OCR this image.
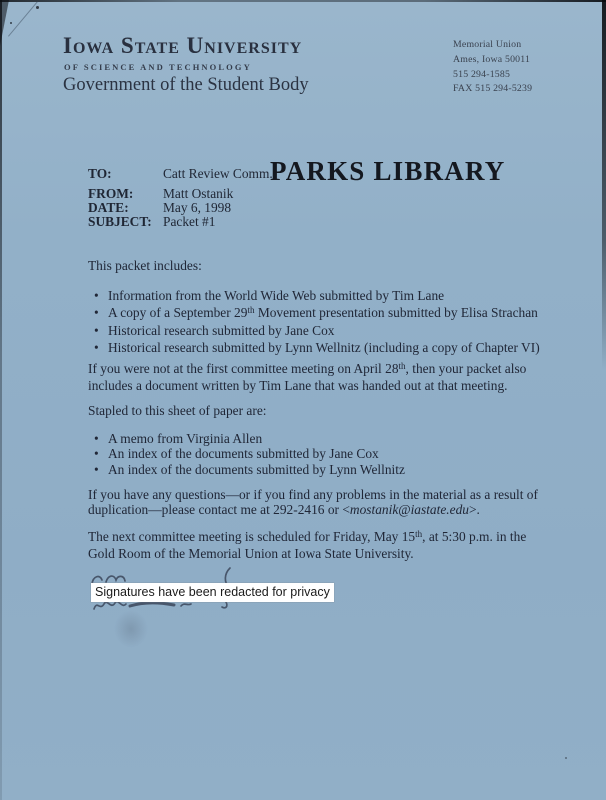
Iowa State University
OF SCIENCE AND TECHNOLOGY
Government of the Student Body
Memorial Union
Ames, Iowa 50011
515 294-1585
FAX 515 294-5239
TO:	Catt Review Comm.
FROM: Matt Ostanik
DATE:	May 6, 1998
SUBJECT: Packet #1
PARKS LIBRARY
This packet includes:
• Information from the World Wide Web submitted by Tim Lane
• A copy of a September 29th Movement presentation submitted by Elisa Strachan
• Historical research submitted by Jane Cox
• Historical research submitted by Lynn Wellnitz (including a copy of Chapter VI)
If you were not at the first committee meeting on April 28th, then your packet also includes a document written by Tim Lane that was handed out at that meeting.
Stapled to this sheet of paper are:
• A memo from Virginia Allen
• An index of the documents submitted by Jane Cox
• An index of the documents submitted by Lynn Wellnitz
If you have any questions—or if you find any problems in the material as a result of duplication—please contact me at 292-2416 or <mostanik@iastate.edu>.
The next committee meeting is scheduled for Friday, May 15th, at 5:30 p.m. in the Gold Room of the Memorial Union at Iowa State University.
Signatures have been redacted for privacy
